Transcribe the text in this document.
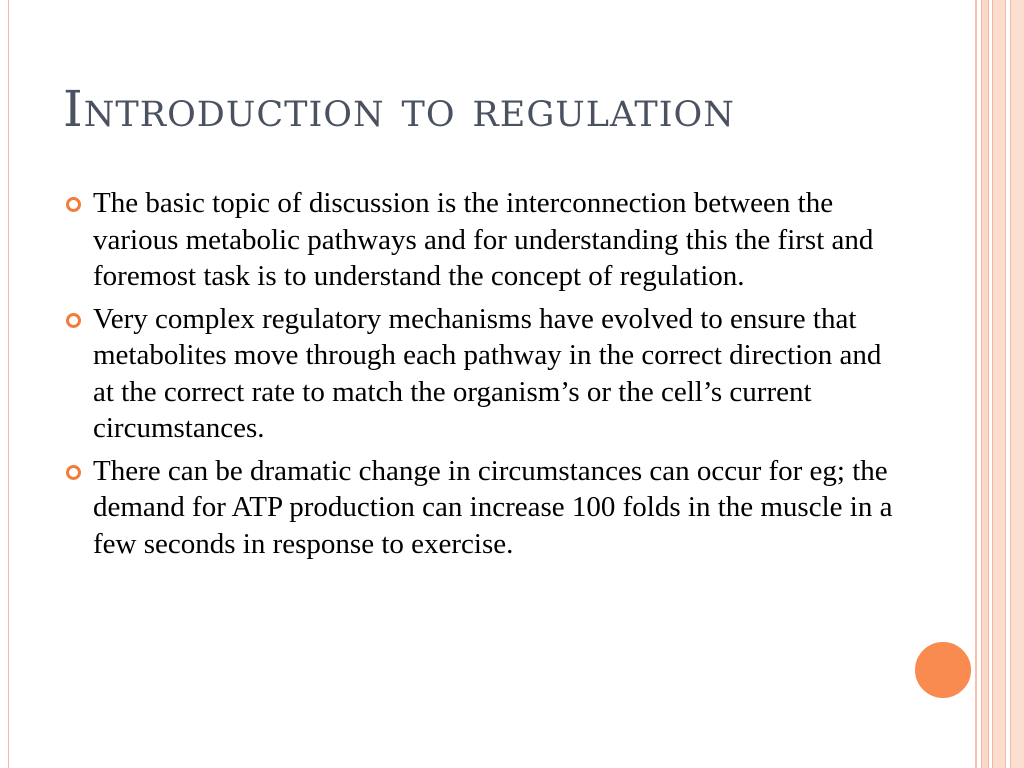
Introduction to regulation
The basic topic of discussion is the interconnection between the various metabolic pathways and for understanding this the first and foremost task is to understand the concept of regulation.
Very complex regulatory mechanisms have evolved to ensure that metabolites move through each pathway in the correct direction and at the correct rate to match the organism’s or the cell’s current circumstances.
There can be dramatic change in circumstances can occur for eg; the demand for ATP production can increase 100 folds in the muscle in a few seconds in response to exercise.
